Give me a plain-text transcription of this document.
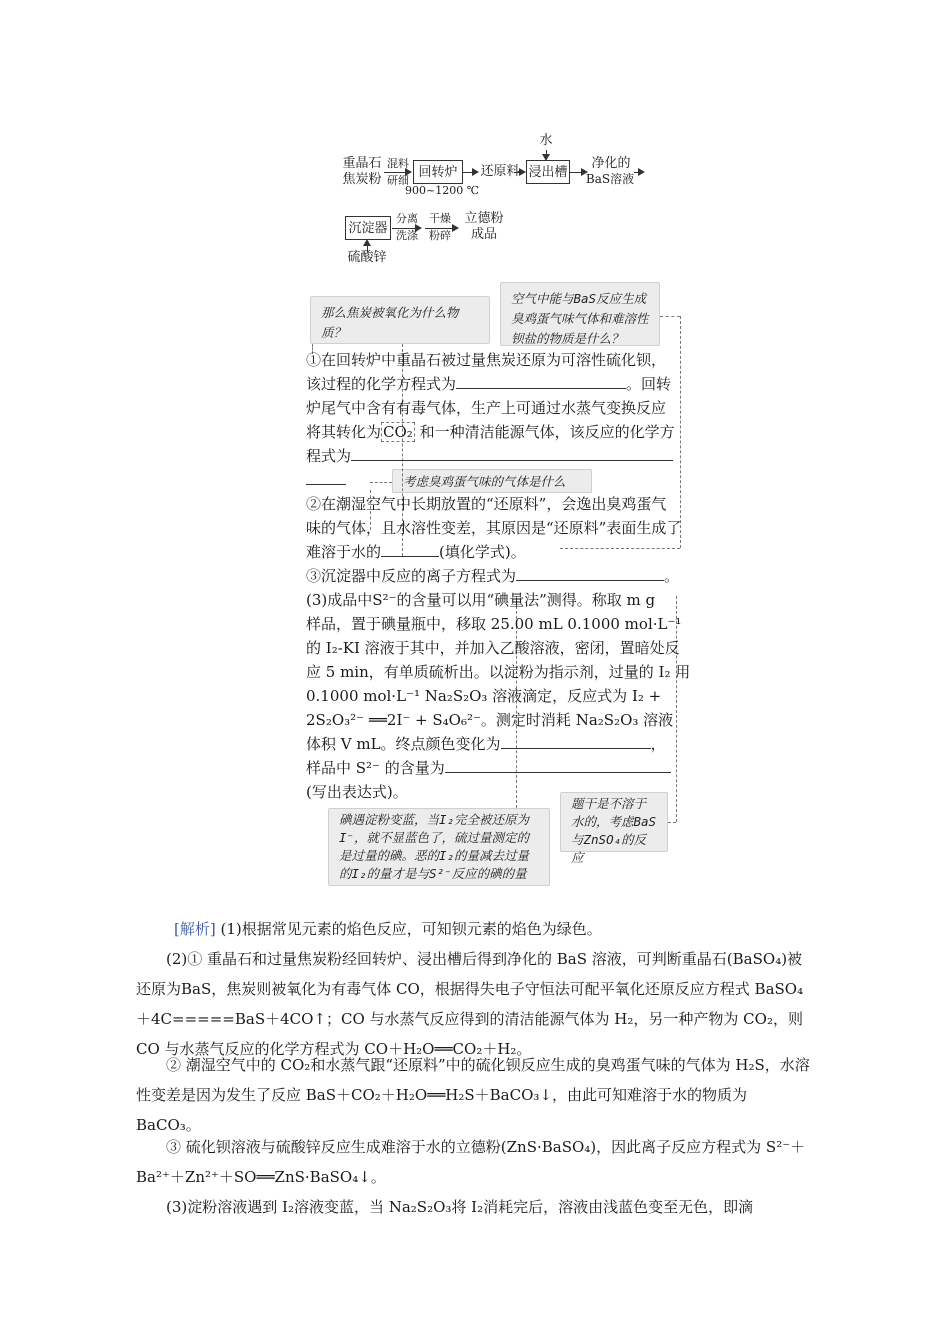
重晶石
焦炭粉
混料
研细
回转炉
900~1200 ℃
还原料
水
浸出槽
净化的
BaS溶液
沉淀器
硫酸锌
分离
洗涤
干燥
粉碎
立德粉
成品
那么焦炭被氧化为什么物质？
空气中能与BaS反应生成臭鸡蛋气味气体和难溶性钡盐的物质是什么？
考虑臭鸡蛋气味的气体是什么
碘遇淀粉变蓝，当I₂完全被还原为I⁻，就不显蓝色了，硫过量测定的是过量的碘。恶的I₂的量减去过量的I₂的量才是与S²⁻反应的碘的量
题干是不溶于水的，考虑BaS与ZnSO₄的反应
①在回转炉中重晶石被过量焦炭还原为可溶性硫化钡，
该过程的化学方程式为	。回转
炉尾气中含有有毒气体，生产上可通过水蒸气变换反应
将其转化为 CO₂ 和一种清洁能源气体，该反应的化学方
程式为
②在潮湿空气中长期放置的“还原料”，会逸出臭鸡蛋气
味的气体，且水溶性变差，其原因是“还原料”表面生成了
难溶于水的	(填化学式)。
③沉淀器中反应的离子方程式为	。
(3)成品中S²⁻的含量可以用“碘量法”测得。称取 m g
样品，置于碘量瓶中，移取 25.00 mL 0.1000 mol·L⁻¹
的 I₂-KI 溶液于其中，并加入乙酸溶液，密闭，置暗处反
应 5 min，有单质硫析出。以淀粉为指示剂，过量的 I₂ 用
0.1000 mol·L⁻¹ Na₂S₂O₃ 溶液滴定，反应式为 I₂ +
2S₂O₃²⁻ ══2I⁻ + S₄O₆²⁻。测定时消耗 Na₂S₂O₃ 溶液
体积 V mL。终点颜色变化为	，
样品中 S²⁻ 的含量为
(写出表达式)。
[解析] (1)根据常见元素的焰色反应，可知钡元素的焰色为绿色。
(2)① 重晶石和过量焦炭粉经回转炉、浸出槽后得到净化的 BaS 溶液，可判断重晶石(BaSO₄)被还原为BaS，焦炭则被氧化为有毒气体 CO，根据得失电子守恒法可配平氧化还原反应方程式 BaSO₄＋4C=====BaS＋4CO↑；CO 与水蒸气反应得到的清洁能源气体为 H₂，另一种产物为 CO₂，则 CO 与水蒸气反应的化学方程式为 CO＋H₂O══CO₂＋H₂。
② 潮湿空气中的 CO₂和水蒸气跟“还原料”中的硫化钡反应生成的臭鸡蛋气味的气体为 H₂S，水溶性变差是因为发生了反应 BaS＋CO₂＋H₂O══H₂S＋BaCO₃↓，由此可知难溶于水的物质为 BaCO₃。
③ 硫化钡溶液与硫酸锌反应生成难溶于水的立德粉(ZnS·BaSO₄)，因此离子反应方程式为 S²⁻＋Ba²⁺＋Zn²⁺＋SO══ZnS·BaSO₄↓。
(3)淀粉溶液遇到 I₂溶液变蓝，当 Na₂S₂O₃将 I₂消耗完后，溶液由浅蓝色变至无色，即滴
